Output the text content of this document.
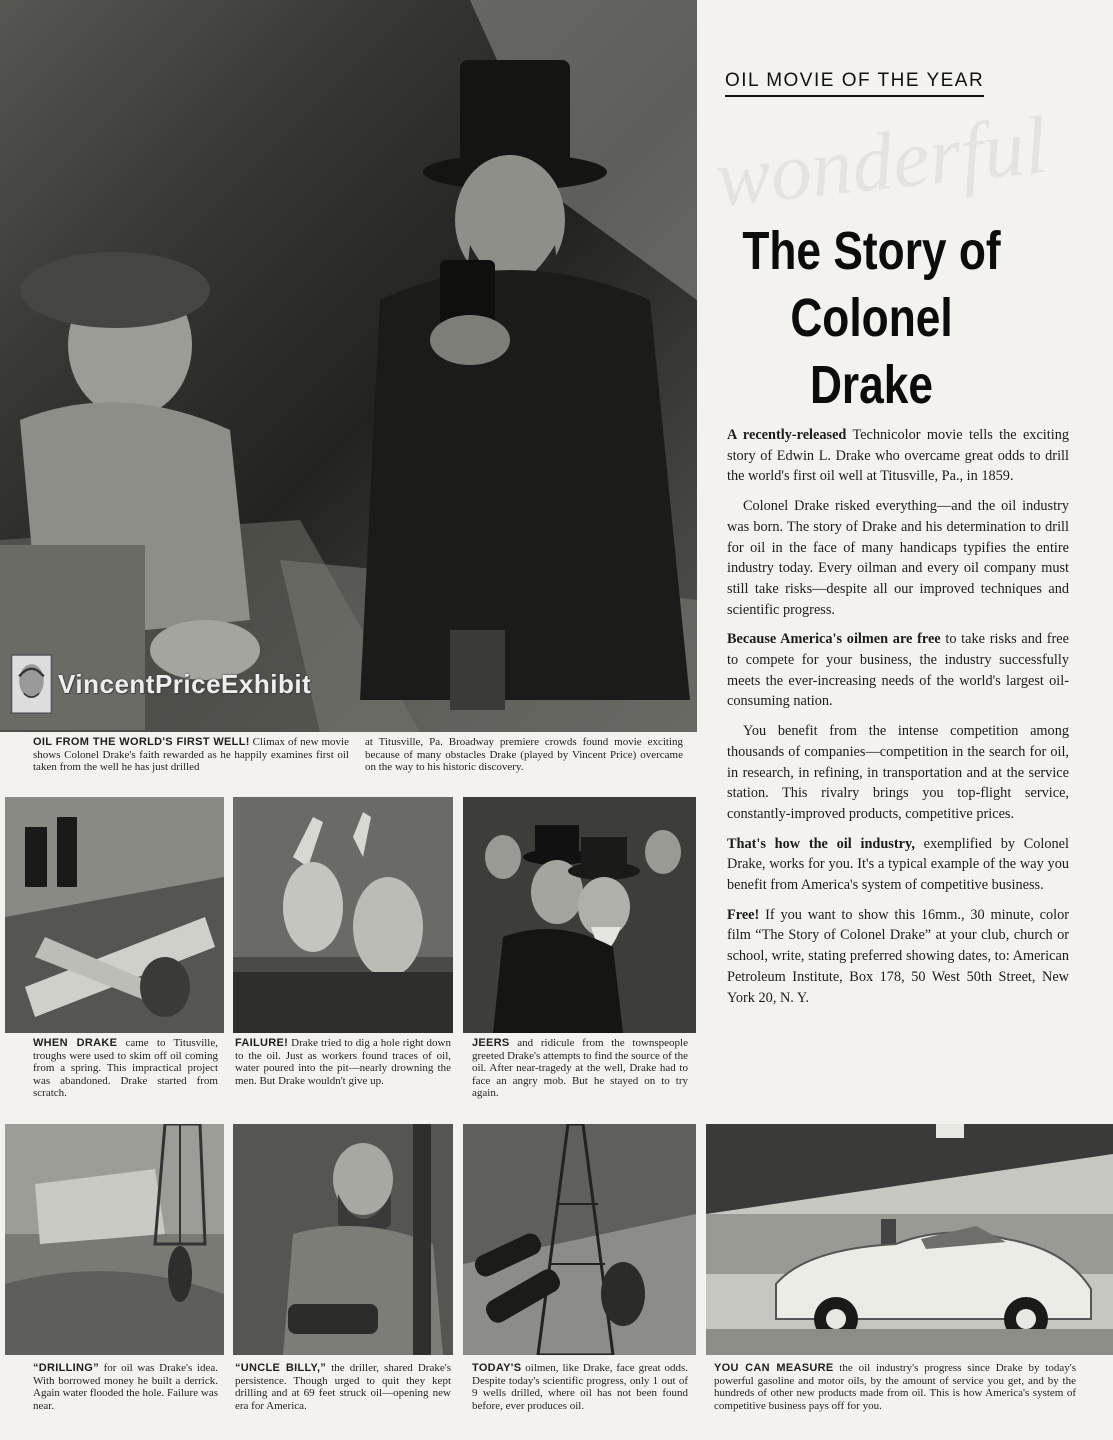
wonderful
VincentPriceExhibit
OIL FROM THE WORLD'S FIRST WELL! Climax of new movie shows Colonel Drake's faith rewarded as he happily examines first oil taken from the well he has just drilled
at Titusville, Pa. Broadway premiere crowds found movie exciting because of many obstacles Drake (played by Vincent Price) overcame on the way to his historic discovery.
OIL MOVIE OF THE YEAR
The Story of
Colonel Drake

A recently-released Technicolor movie tells the exciting story of Edwin L. Drake who overcame great odds to drill the world's first oil well at Titusville, Pa., in 1859.

Colonel Drake risked everything—and the oil industry was born. The story of Drake and his determination to drill for oil in the face of many handicaps typifies the entire industry today. Every oilman and every oil company must still take risks—despite all our improved techniques and scientific progress.

Because America's oilmen are free to take risks and free to compete for your business, the industry successfully meets the ever-increasing needs of the world's largest oil-consuming nation.

You benefit from the intense competition among thousands of companies—competition in the search for oil, in research, in refining, in transportation and at the service station. This rivalry brings you top-flight service, constantly-improved products, competitive prices.

That's how the oil industry, exemplified by Colonel Drake, works for you. It's a typical example of the way you benefit from America's system of competitive business.

Free! If you want to show this 16mm., 30 minute, color film “The Story of Colonel Drake” at your club, church or school, write, stating preferred showing dates, to: American Petroleum Institute, Box 178, 50 West 50th Street, New York 20, N. Y.

WHEN DRAKE came to Titusville, troughs were used to skim off oil coming from a spring. This impractical project was abandoned. Drake started from scratch.
FAILURE! Drake tried to dig a hole right down to the oil. Just as workers found traces of oil, water poured into the pit—nearly drowning the men. But Drake wouldn't give up.
JEERS and ridicule from the townspeople greeted Drake's attempts to find the source of the oil. After near-tragedy at the well, Drake had to face an angry mob. But he stayed on to try again.
“DRILLING” for oil was Drake's idea. With borrowed money he built a derrick. Again water flooded the hole. Failure was near.
“UNCLE BILLY,” the driller, shared Drake's persistence. Though urged to quit they kept drilling and at 69 feet struck oil—opening new era for America.
TODAY'S oilmen, like Drake, face great odds. Despite today's scientific progress, only 1 out of 9 wells drilled, where oil has not been found before, ever produces oil.
YOU CAN MEASURE the oil industry's progress since Drake by today's powerful gasoline and motor oils, by the amount of service you get, and by the hundreds of other new products made from oil. This is how America's system of competitive business pays off for you.
